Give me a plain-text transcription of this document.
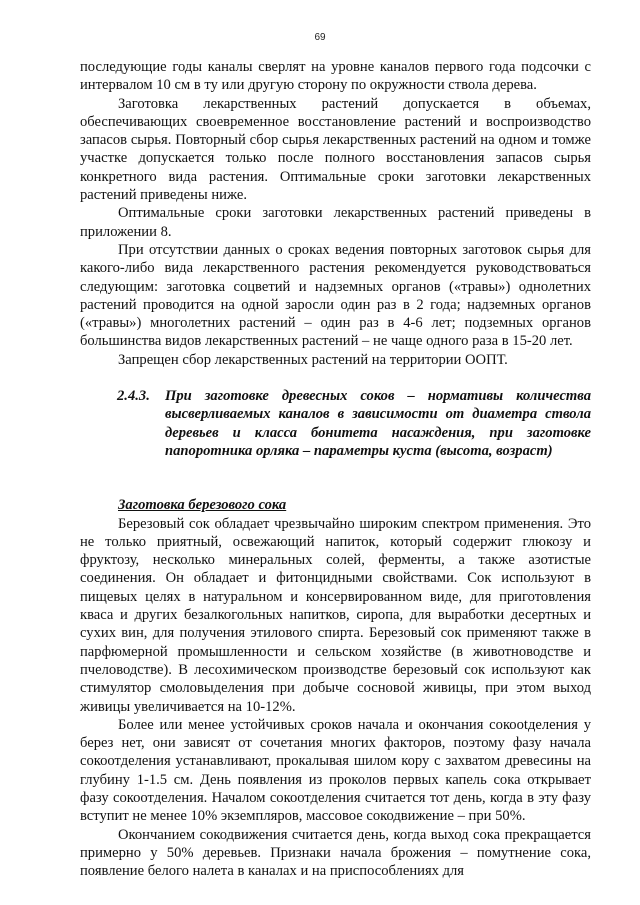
69

последующие годы каналы сверлят на уровне каналов первого года подсочки с интервалом 10 см в ту или другую сторону по окружности ствола дерева.

Заготовка лекарственных растений допускается в объемах, обеспечивающих своевременное восстановление растений и воспроизводство запасов сырья. Повторный сбор сырья лекарственных растений на одном и томже участке допускается только после полного восстановления запасов сырья конкретного вида растения. Оптимальные сроки заготовки лекарственных растений приведены ниже.

Оптимальные сроки заготовки лекарственных растений приведены в приложении 8.

При отсутствии данных о сроках ведения повторных заготовок сырья для какого-либо вида лекарственного растения рекомендуется руководствоваться следующим: заготовка соцветий и надземных органов («травы») однолетних растений проводится на одной заросли один раз в 2 года; надземных органов («травы») многолетних растений – один раз в 4-6 лет; подземных органов большинства видов лекарственных растений – не чаще одного раза в 15-20 лет.

Запрещен сбор лекарственных растений на территории ООПТ.

2.4.3.	При заготовке древесных соков – нормативы количества высверливаемых каналов в зависимости от диаметра ствола деревьев и класса бонитета насаждения, при заготовке папоротника орляка – параметры куста (высота, возраст)

Заготовка березового сока

Березовый сок обладает чрезвычайно широким спектром применения. Это не только приятный, освежающий напиток, который содержит глюкозу и фруктозу, несколько минеральных солей, ферменты, а также азотистые соединения. Он обладает и фитонцидными свойствами. Сок используют в пищевых целях в натуральном и консервированном виде, для приготовления кваса и других безалкогольных напитков, сиропа, для выработки десертных и сухих вин, для получения этилового спирта. Березовый сок применяют также в парфюмерной промышленности и сельском хозяйстве (в животноводстве и пчеловодстве). В лесохимическом производстве березовый сок используют как стимулятор смоловыделения при добыче сосновой живицы, при этом выход живицы увеличивается на 10-12%.

Более или менее устойчивых сроков начала и окончания сокоotделения у берез нет, они зависят от сочетания многих факторов, поэтому фазу начала сокоотделения устанавливают, прокалывая шилом кору с захватом древесины на глубину 1-1.5 см. День появления из проколов первых капель сока открывает фазу сокоотделения. Началом сокоотделения считается тот день, когда в эту фазу вступит не менее 10% экземпляров, массовое сокодвижение – при 50%.

Окончанием сокодвижения считается день, когда выход сока прекращается примерно у 50% деревьев. Признаки начала брожения – помутнение сока, появление белого налета в каналах и на приспособлениях для
